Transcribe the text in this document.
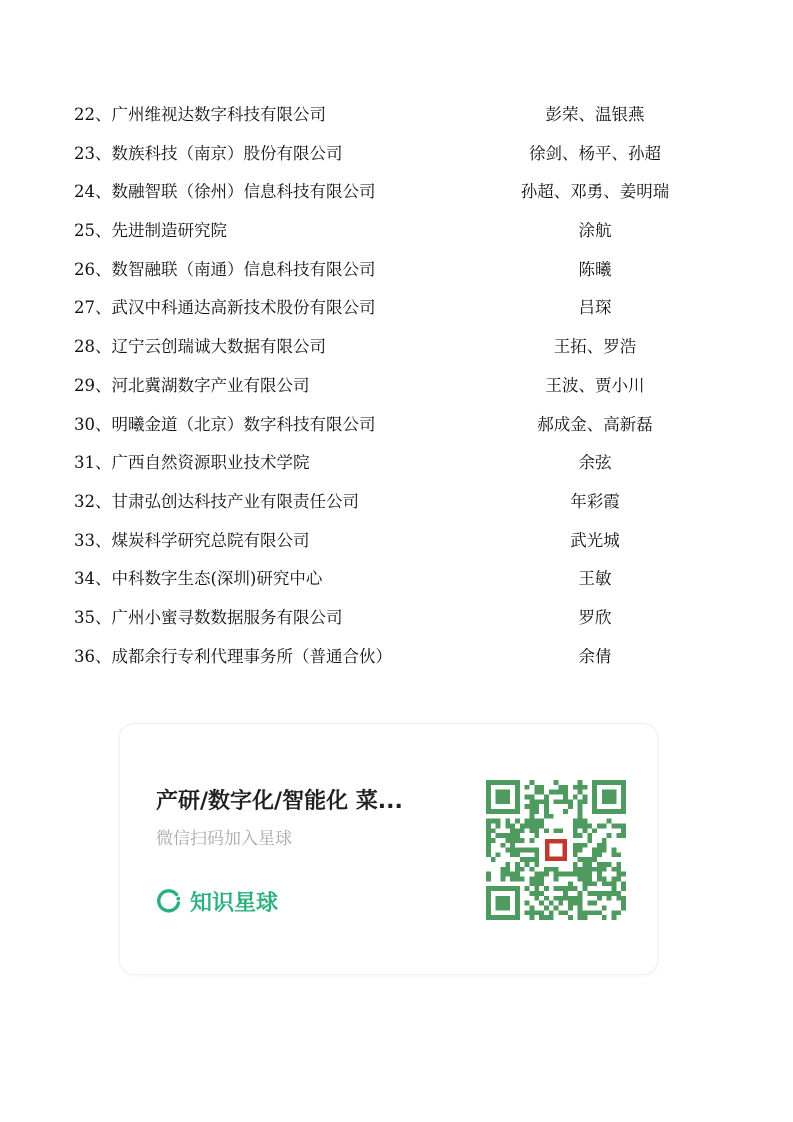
22、广州维视达数字科技有限公司	彭荣、温银燕
23、数族科技（南京）股份有限公司	徐剑、杨平、孙超
24、数融智联（徐州）信息科技有限公司	孙超、邓勇、姜明瑞
25、先进制造研究院	涂航
26、数智融联（南通）信息科技有限公司	陈曦
27、武汉中科通达高新技术股份有限公司	吕琛
28、辽宁云创瑞诚大数据有限公司	王拓、罗浩
29、河北冀湖数字产业有限公司	王波、贾小川
30、明曦金道（北京）数字科技有限公司	郝成金、高新磊
31、广西自然资源职业技术学院	余弦
32、甘肃弘创达科技产业有限责任公司	年彩霞
33、煤炭科学研究总院有限公司	武光城
34、中科数字生态(深圳)研究中心	王敏
35、广州小蜜寻数数据服务有限公司	罗欣
36、成都余行专利代理事务所（普通合伙）	余倩
产研/数字化/智能化 菜...
微信扫码加入星球
知识星球
